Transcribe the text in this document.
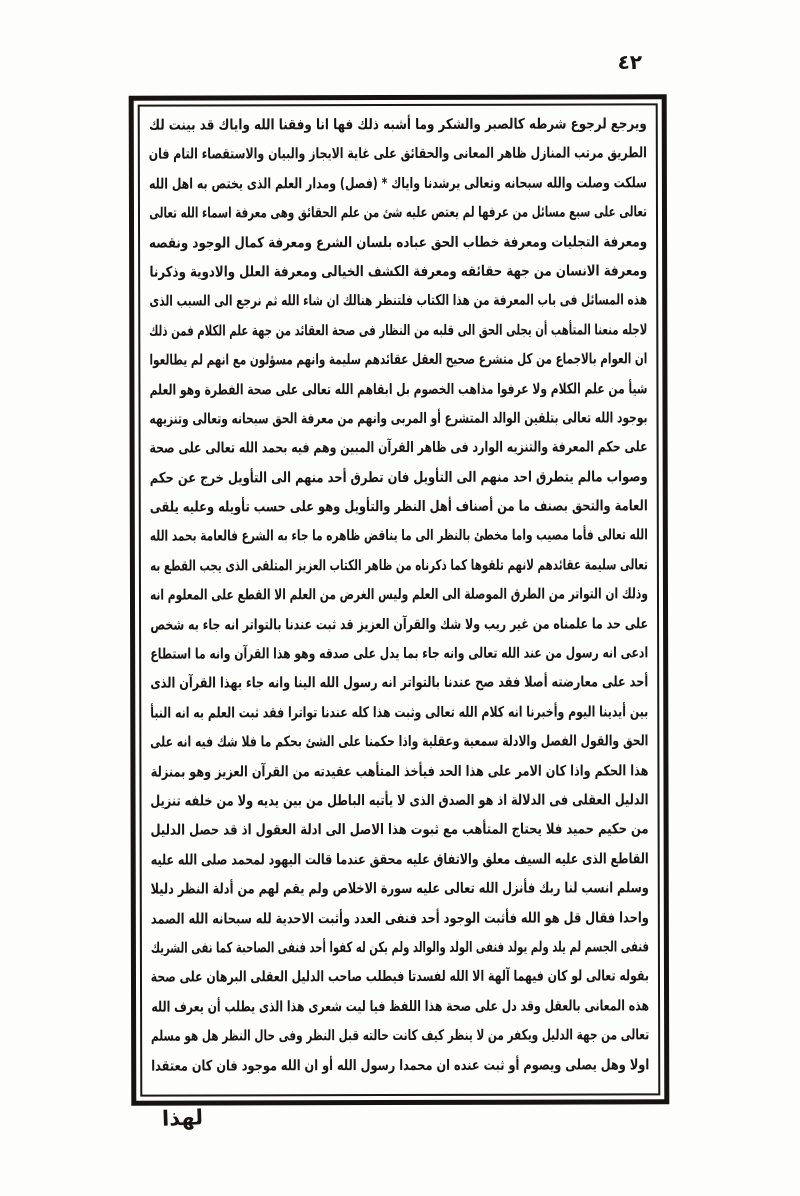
٤٢
ويرجع لرجوع شرطه كالصبر والشكر وما أشبه ذلك فها انا وفقنا الله واياك قد بينت لك
الطريق مرتب المنازل ظاهر المعانى والحقائق على غاية الايجاز والبيان والاستقصاء التام فان
سلكت وصلت والله سبحانه وتعالى يرشدنا واياك * (فصل) ومدار العلم الذى يختص به اهل الله
تعالى على سبع مسائل من عرفها لم يعتص عليه شئ من علم الحقائق وهى معرفة اسماء الله تعالى
ومعرفة التجليات ومعرفة خطاب الحق عباده بلسان الشرع ومعرفة كمال الوجود ونقصه
ومعرفة الانسان من جهة حقائقه ومعرفة الكشف الخيالى ومعرفة العلل والادوية وذكرنا
هذه المسائل فى باب المعرفة من هذا الكتاب فلتنظر هنالك ان شاء الله ثم نرجع الى السبب الذى
لاجله منعنا المتأهب أن يجلى الحق الى قلبه من النظار فى صحة العقائد من جهة علم الكلام فمن ذلك
ان العوام بالاجماع من كل متشرع صحيح العقل عقائدهم سليمة وانهم مسؤلون مع انهم لم يطالعوا
شيأ من علم الكلام ولا عرفوا مذاهب الخصوم بل ابقاهم الله تعالى على صحة الفطرة وهو العلم
بوجود الله تعالى بتلقين الوالد المتشرع أو المربى وانهم من معرفة الحق سبحانه وتعالى وتنزيهه
على حكم المعرفة والتنزيه الوارد فى ظاهر القرآن المبين وهم فيه بحمد الله تعالى على صحة
وصواب مالم يتطرق احد منهم الى التأويل فان تطرق أحد منهم الى التأويل خرج عن حكم
العامة والتحق بصنف ما من أصناف أهل النظر والتأويل وهو على حسب تأويله وعليه يلقى
الله تعالى فأما مصيب واما مخطئ بالنظر الى ما يناقض ظاهره ما جاء به الشرع فالعامة بحمد الله
تعالى سليمة عقائدهم لانهم تلقوها كما ذكرناه من ظاهر الكتاب العزيز المتلقى الذى يجب القطع به
وذلك ان التواتر من الطرق الموصلة الى العلم وليس الغرض من العلم الا القطع على المعلوم انه
على حد ما علمناه من غير ريب ولا شك والقرآن العزيز قد ثبت عندنا بالتواتر انه جاء به شخص
ادعى انه رسول من عند الله تعالى وانه جاء بما يدل على صدقه وهو هذا القرآن وانه ما استطاع
أحد على معارضته أصلا فقد صح عندنا بالتواتر انه رسول الله الينا وانه جاء بهذا القرآن الذى
بين أيدينا اليوم وأخبرنا انه كلام الله تعالى وثبت هذا كله عندنا تواترا فقد ثبت العلم به انه النبأ
الحق والقول الفصل والادلة سمعية وعقلية واذا حكمنا على الشئ بحكم ما فلا شك فيه انه على
هذا الحكم واذا كان الامر على هذا الحد فيأخذ المتأهب عقيدته من القرآن العزيز وهو بمنزلة
الدليل العقلى فى الدلالة اذ هو الصدق الذى لا يأتيه الباطل من بين يديه ولا من خلفه تنزيل
من حكيم حميد فلا يحتاج المتأهب مع ثبوت هذا الاصل الى ادلة العقول اذ قد حصل الدليل
القاطع الذى عليه السيف معلق والاتفاق عليه محقق عندما قالت اليهود لمحمد صلى الله عليه
وسلم انسب لنا ربك فأنزل الله تعالى عليه سورة الاخلاص ولم يقم لهم من أدلة النظر دليلا
واحدا فقال قل هو الله فأثبت الوجود أحد فنفى العدد وأثبت الاحدية لله سبحانه الله الصمد
فنفى الجسم لم يلد ولم يولد فنفى الولد والوالد ولم يكن له كفوا أحد فنفى الصاحبة كما نفى الشريك
بقوله تعالى لو كان فيهما آلهة الا الله لفسدتا فيطلب صاحب الدليل العقلى البرهان على صحة
هذه المعانى بالعقل وقد دل على صحة هذا اللفظ فيا ليت شعرى هذا الذى يطلب أن يعرف الله
تعالى من جهة الدليل ويكفر من لا ينظر كيف كانت حالته قبل النظر وفى حال النظر هل هو مسلم
اولا وهل يصلى ويصوم أو ثبت عنده ان محمدا رسول الله أو ان الله موجود فان كان معتقدا
لهذا
